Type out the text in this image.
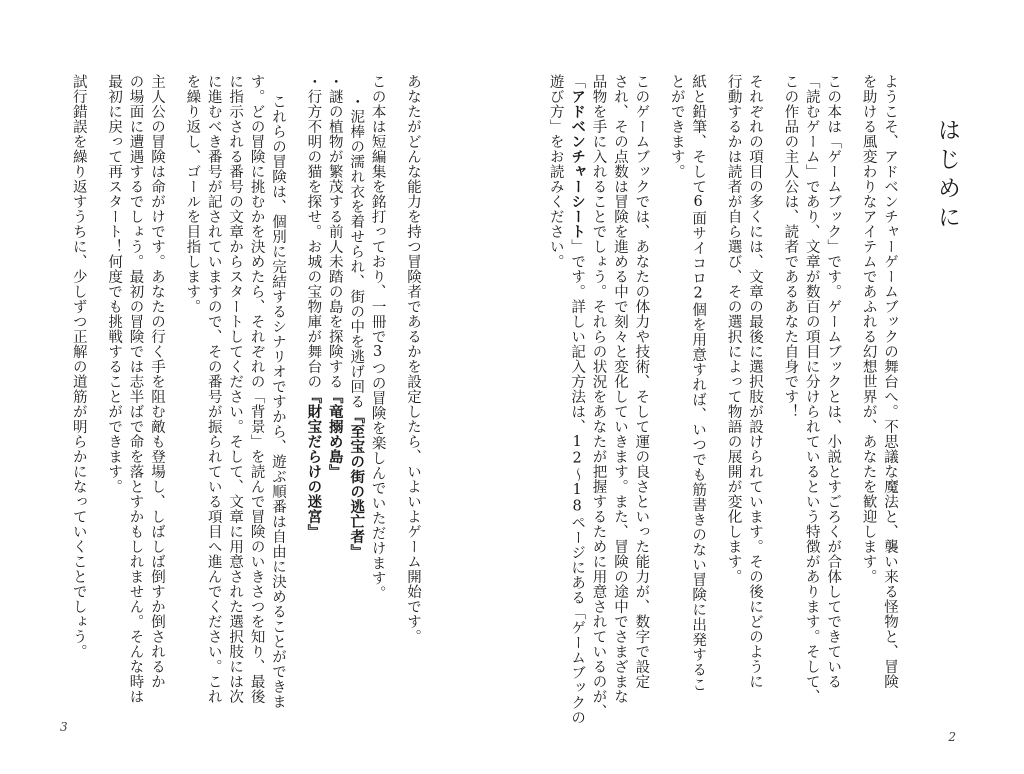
はじめに

ようこそ、アドベンチャーゲームブックの舞台へ。不思議な魔法と、襲い来る怪物と、冒険

を助ける風変わりなアイテムであふれる幻想世界が、あなたを歓迎します。

この本は「ゲームブック」です。ゲームブックとは、小説とすごろくが合体してできている

「読むゲーム」であり、文章が数百の項目に分けられているという特徴があります。そして、

この作品の主人公は、読者であるあなた自身です！

それぞれの項目の多くには、文章の最後に選択肢が設けられています。その後にどのように

行動するかは読者が自ら選び、その選択によって物語の展開が変化します。

紙と鉛筆、そして6面サイコロ2個を用意すれば、いつでも筋書きのない冒険に出発するこ

とができます。

このゲームブックでは、あなたの体力や技術、そして運の良さといった能力が、数字で設定

され、その点数は冒険を進める中で刻々と変化していきます。また、冒険の途中でさまざまな

品物を手に入れることでしょう。それらの状況をあなたが把握するために用意されているのが、

「アドベンチャーシート」です。詳しい記入方法は、12〜18ページにある「ゲームブックの

遊び方」をお読みください。

2

あなたがどんな能力を持つ冒険者であるかを設定したら、いよいよゲーム開始です。

この本は短編集を銘打っており、一冊で3つの冒険を楽しんでいただけます。

・泥棒の濡れ衣を着せられ、街の中を逃げ回る『至宝の街の逃亡者』

・謎の植物が繁茂する前人未踏の島を探険する『竜搦め島』

・行方不明の猫を探せ。お城の宝物庫が舞台の『財宝だらけの迷宮』

これらの冒険は、個別に完結するシナリオですから、遊ぶ順番は自由に決めることができま

す。どの冒険に挑むかを決めたら、それぞれの「背景」を読んで冒険のいきさつを知り、最後

に指示される番号の文章からスタートしてください。そして、文章に用意された選択肢には次

に進むべき番号が記されていますので、その番号が振られている項目へ進んでください。これ

を繰り返し、ゴールを目指します。

主人公の冒険は命がけです。あなたの行く手を阻む敵も登場し、しばしば倒すか倒されるか

の場面に遭遇するでしょう。最初の冒険では志半ばで命を落とすかもしれません。そんな時は

最初に戻って再スタート！何度でも挑戦することができます。

試行錯誤を繰り返すうちに、少しずつ正解の道筋が明らかになっていくことでしょう。

3
